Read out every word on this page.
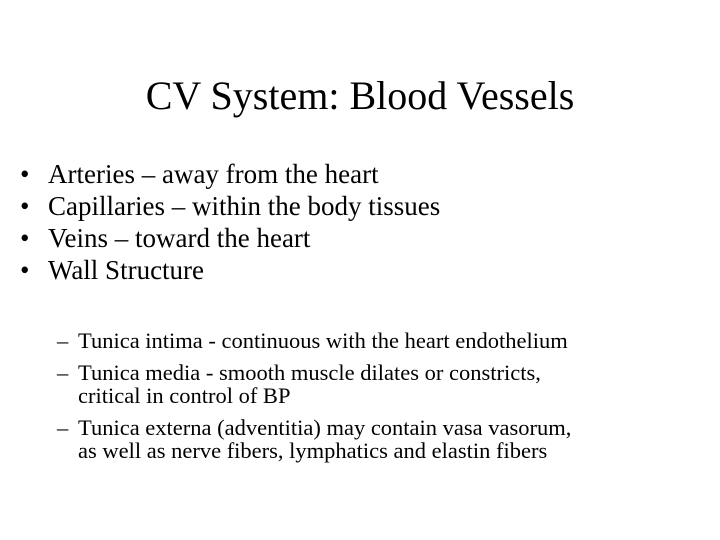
CV System: Blood Vessels
• Arteries – away from the heart
• Capillaries – within the body tissues
• Veins – toward the heart
• Wall Structure
– Tunica intima - continuous with the heart endothelium
– Tunica media - smooth muscle dilates or constricts,
critical in control of BP
– Tunica externa (adventitia) may contain vasa vasorum,
as well as nerve fibers, lymphatics and elastin fibers
